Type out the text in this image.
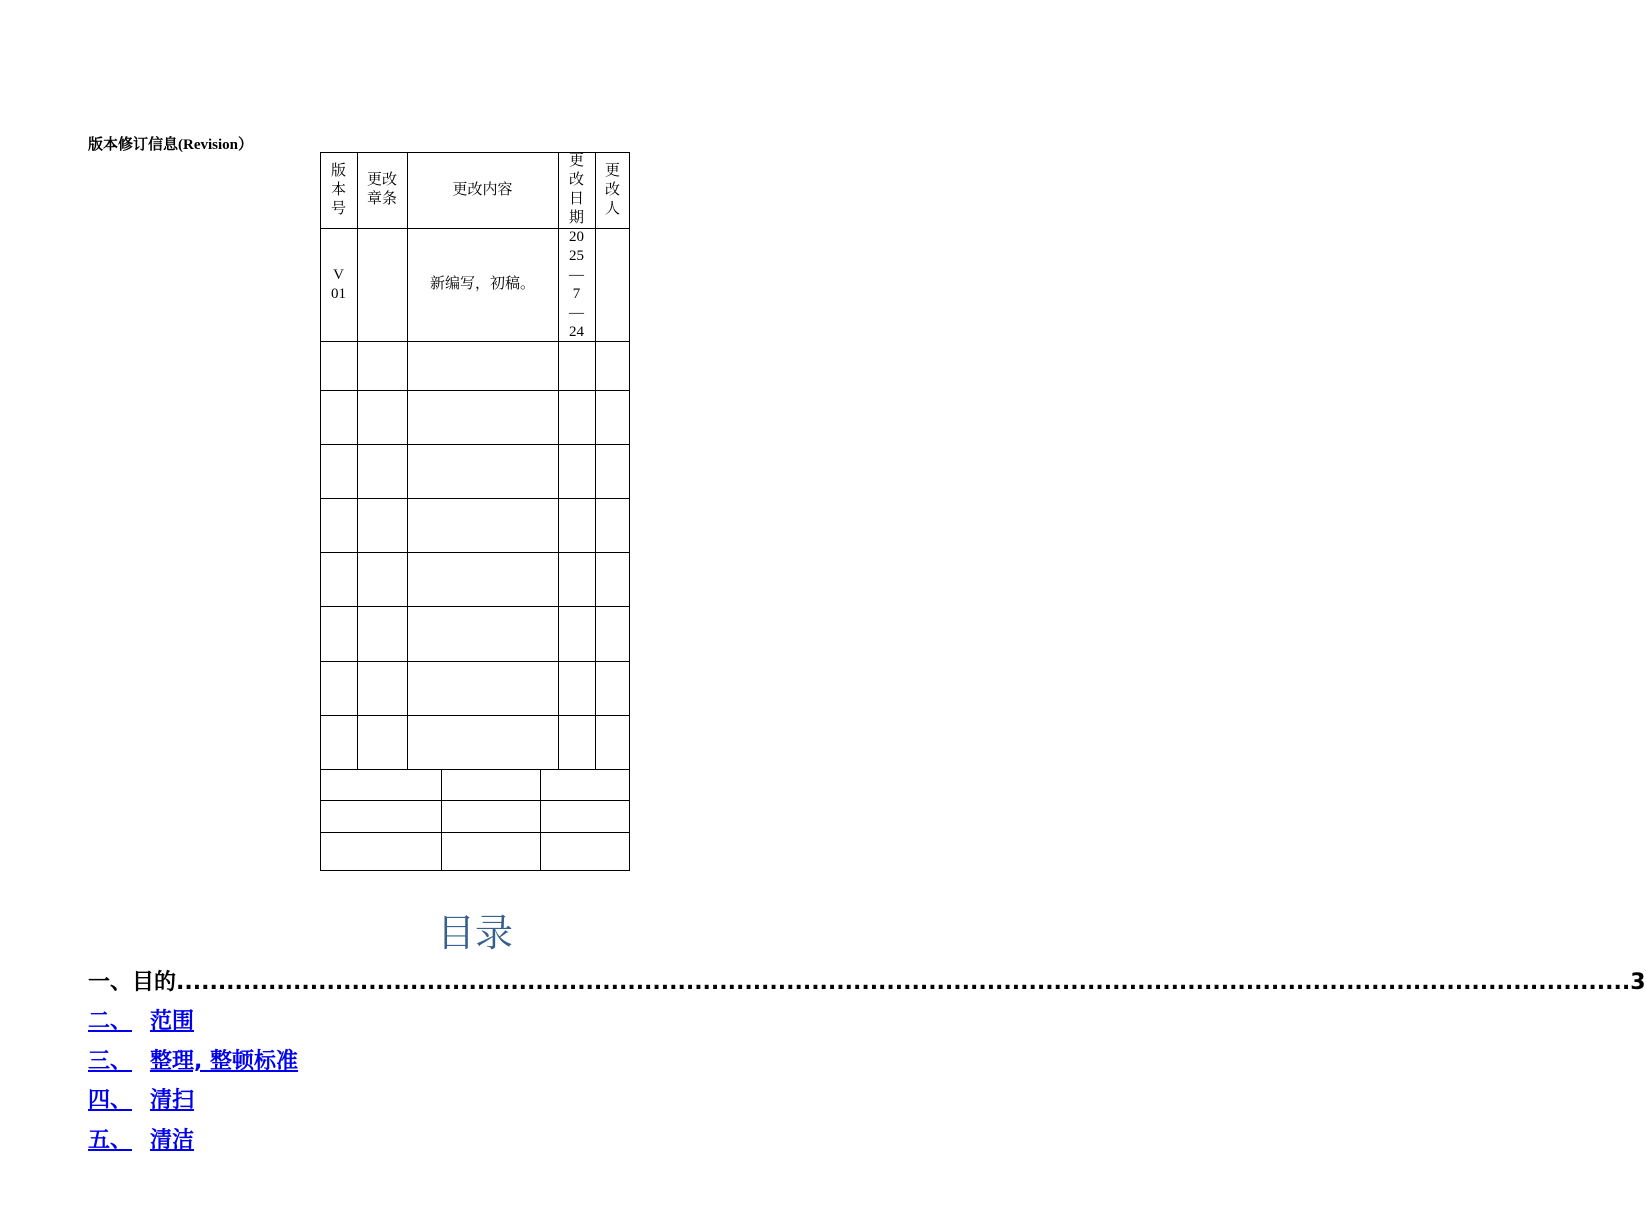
版本修订信息(Revision）
版
本
号
更改
章条
更改内容
更
改
日
期
更
改
人
V
01
新编写，初稿。
20
25
—
7
—
24
目录
一、 目的 .............................................................................................................................................................................. 3
二、 范围
三、 整理, 整顿标准
四、 清扫
五、 清洁
